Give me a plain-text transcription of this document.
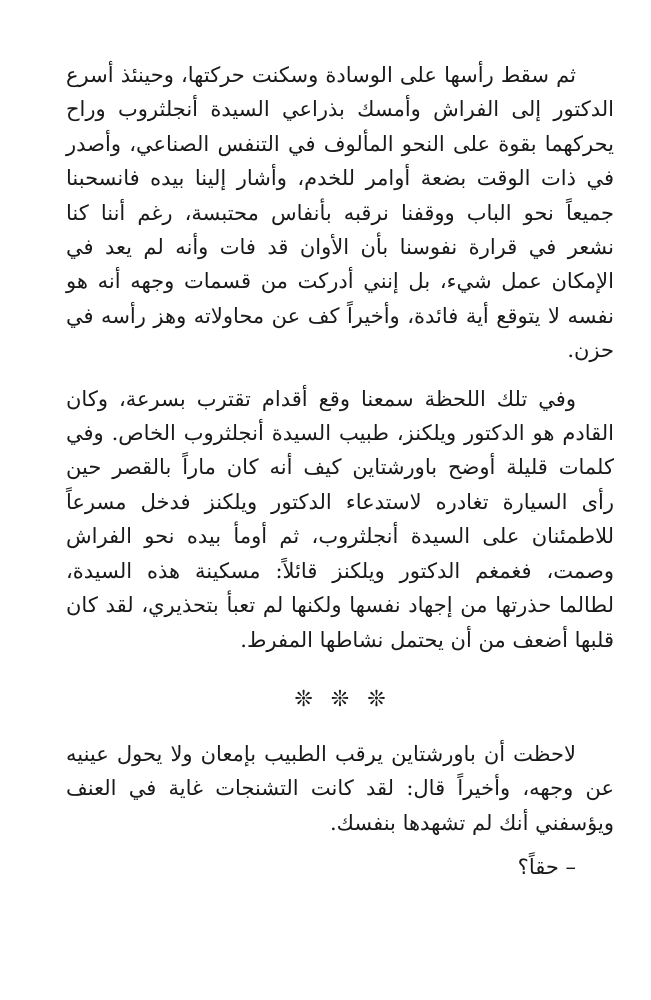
ثم سقط رأسها على الوسادة وسكنت حركتها، وحينئذ أسرع الدكتور إلى الفراش وأمسك بذراعي السيدة أنجلثروب وراح يحركهما بقوة على النحو المألوف في التنفس الصناعي، وأصدر في ذات الوقت بضعة أوامر للخدم، وأشار إلينا بيده فانسحبنا جميعاً نحو الباب ووقفنا نرقبه بأنفاس محتبسة، رغم أننا كنا نشعر في قرارة نفوسنا بأن الأوان قد فات وأنه لم يعد في الإمكان عمل شيء، بل إنني أدركت من قسمات وجهه أنه هو نفسه لا يتوقع أية فائدة، وأخيراً كف عن محاولاته وهز رأسه في حزن.

وفي تلك اللحظة سمعنا وقع أقدام تقترب بسرعة، وكان القادم هو الدكتور ويلكنز، طبيب السيدة أنجلثروب الخاص. وفي كلمات قليلة أوضح باورشتاين كيف أنه كان ماراً بالقصر حين رأى السيارة تغادره لاستدعاء الدكتور ويلكنز فدخل مسرعاً للاطمئنان على السيدة أنجلثروب، ثم أومأ بيده نحو الفراش وصمت، فغمغم الدكتور ويلكنز قائلاً: مسكينة هذه السيدة، لطالما حذرتها من إجهاد نفسها ولكنها لم تعبأ بتحذيري، لقد كان قلبها أضعف من أن يحتمل نشاطها المفرط.

❊❊❊

لاحظت أن باورشتاين يرقب الطبيب بإمعان ولا يحول عينيه عن وجهه، وأخيراً قال: لقد كانت التشنجات غاية في العنف ويؤسفني أنك لم تشهدها بنفسك.

– حقاً؟
